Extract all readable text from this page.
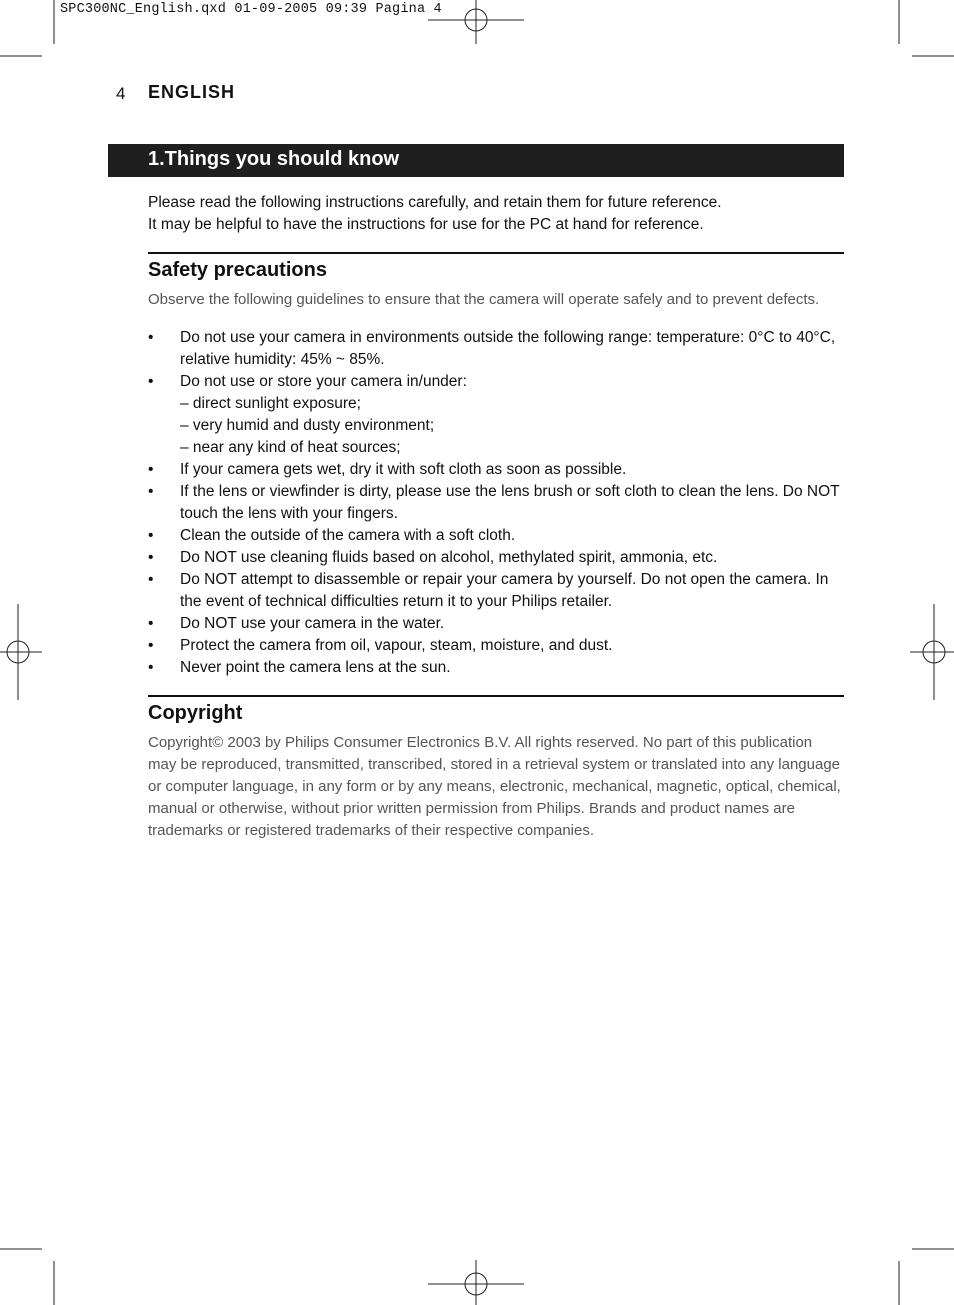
SPC300NC_English.qxd 01-09-2005 09:39 Pagina 4
4 ENGLISH
1.Things you should know

Please read the following instructions carefully, and retain them for future reference.
It may be helpful to have the instructions for use for the PC at hand for reference.

Safety precautions

Observe the following guidelines to ensure that the camera will operate safely and to prevent defects.

• Do not use your camera in environments outside the following range: temperature: 0°C to 40°C, relative humidity: 45% ~ 85%.
• Do not use or store your camera in/under:
– direct sunlight exposure;
– very humid and dusty environment;
– near any kind of heat sources;
• If your camera gets wet, dry it with soft cloth as soon as possible.
• If the lens or viewfinder is dirty, please use the lens brush or soft cloth to clean the lens. Do NOT touch the lens with your fingers.
• Clean the outside of the camera with a soft cloth.
• Do NOT use cleaning fluids based on alcohol, methylated spirit, ammonia, etc.
• Do NOT attempt to disassemble or repair your camera by yourself. Do not open the camera. In the event of technical difficulties return it to your Philips retailer.
• Do NOT use your camera in the water.
• Protect the camera from oil, vapour, steam, moisture, and dust.
• Never point the camera lens at the sun.
Copyright

Copyright© 2003 by Philips Consumer Electronics B.V. All rights reserved. No part of this publication may be reproduced, transmitted, transcribed, stored in a retrieval system or translated into any language or computer language, in any form or by any means, electronic, mechanical, magnetic, optical, chemical, manual or otherwise, without prior written permission from Philips. Brands and product names are trademarks or registered trademarks of their respective companies.
